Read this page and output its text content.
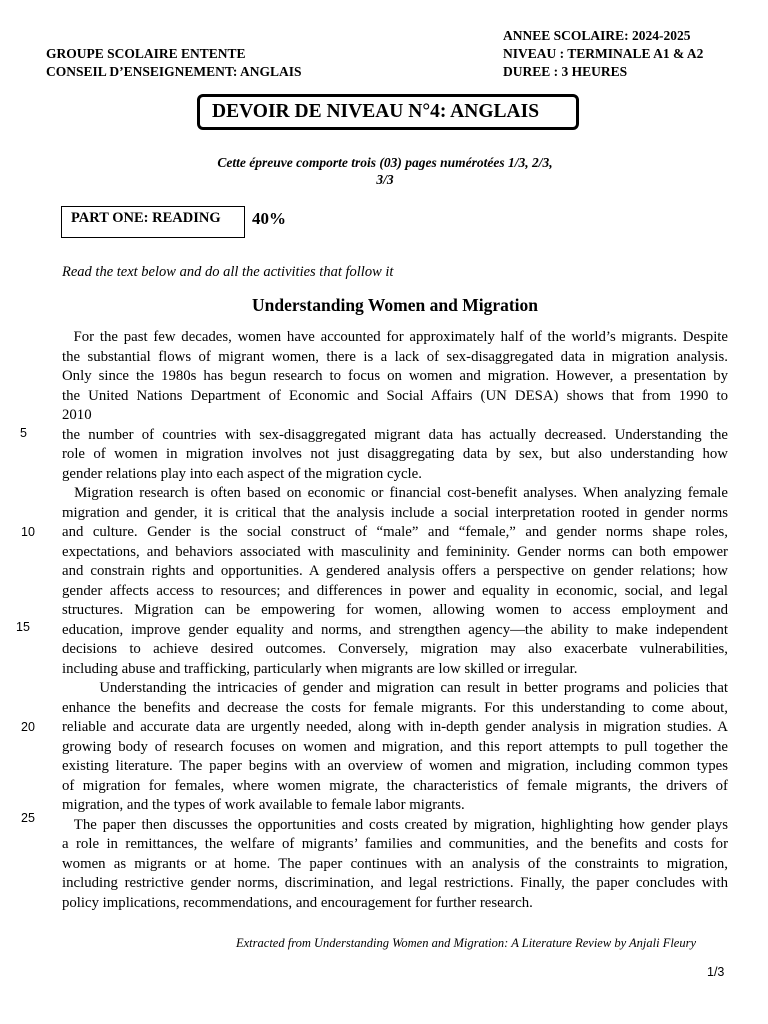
GROUPE SCOLAIRE ENTENTE
CONSEIL D’ENSEIGNEMENT: ANGLAIS
ANNEE SCOLAIRE: 2024-2025
NIVEAU : TERMINALE A1 & A2
DUREE : 3 HEURES
DEVOIR DE NIVEAU N°4: ANGLAIS
Cette épreuve comporte trois (03) pages numérotées 1/3, 2/3,
3/3
PART ONE: READING	40%
Read the text below and do all the activities that follow it
Understanding Women and Migration
For the past few decades, women have accounted for approximately half of the world’s migrants. Despite
the substantial flows of migrant women, there is a lack of sex-disaggregated data in migration analysis.
Only since the 1980s has begun research to focus on women and migration. However, a presentation by
the United Nations Department of Economic and Social Affairs (UN DESA) shows that from 1990 to
2010
the number of countries with sex-disaggregated migrant data has actually decreased. Understanding the
role of women in migration involves not just disaggregating data by sex, but also understanding how
gender relations play into each aspect of the migration cycle.
Migration research is often based on economic or financial cost-benefit analyses. When analyzing female
migration and gender, it is critical that the analysis include a social interpretation rooted in gender norms
and culture. Gender is the social construct of “male” and “female,” and gender norms shape roles,
expectations, and behaviors associated with masculinity and femininity. Gender norms can both empower
and constrain rights and opportunities. A gendered analysis offers a perspective on gender relations; how
gender affects access to resources; and differences in power and equality in economic, social, and legal
structures. Migration can be empowering for women, allowing women to access employment and
education, improve gender equality and norms, and strengthen agency—the ability to make independent
decisions to achieve desired outcomes. Conversely, migration may also exacerbate vulnerabilities,
including abuse and trafficking, particularly when migrants are low skilled or irregular.
Understanding the intricacies of gender and migration can result in better programs and policies that
enhance the benefits and decrease the costs for female migrants. For this understanding to come about,
reliable and accurate data are urgently needed, along with in-depth gender analysis in migration studies. A
growing body of research focuses on women and migration, and this report attempts to pull together the
existing literature. The paper begins with an overview of women and migration, including common types
of migration for females, where women migrate, the characteristics of female migrants, the drivers of
migration, and the types of work available to female labor migrants.
The paper then discusses the opportunities and costs created by migration, highlighting how gender plays
a role in remittances, the welfare of migrants’ families and communities, and the benefits and costs for
women as migrants or at home. The paper continues with an analysis of the constraints to migration,
including restrictive gender norms, discrimination, and legal restrictions. Finally, the paper concludes with
policy implications, recommendations, and encouragement for further research.
5
10
15
20
25
Extracted from Understanding Women and Migration: A Literature Review by Anjali Fleury
1/3
